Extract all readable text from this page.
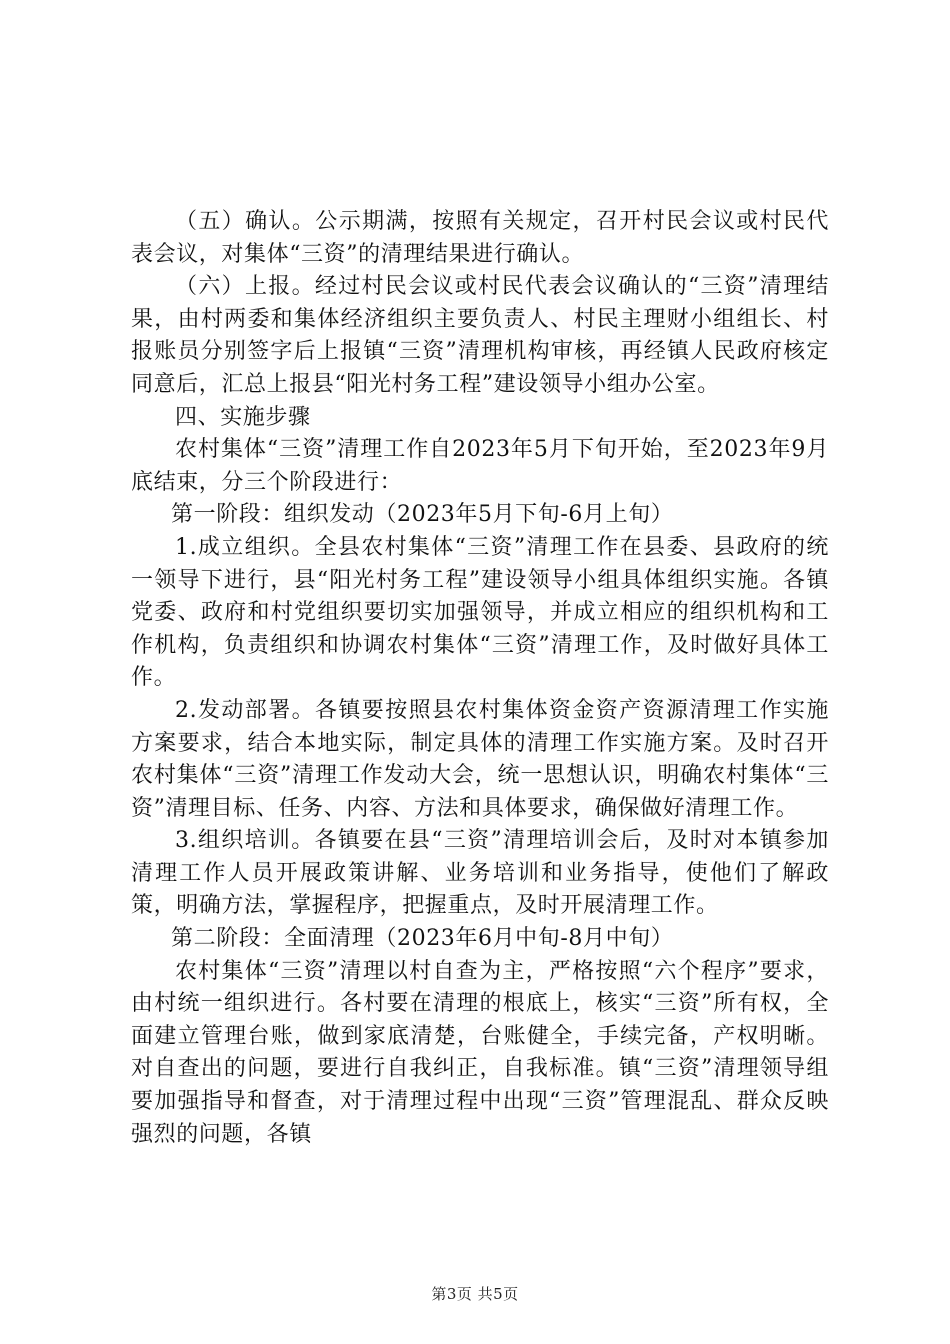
（五）确认。公示期满，按照有关规定，召开村民会议或村民代表会议，对集体“三资”的清理结果进行确认。

（六）上报。经过村民会议或村民代表会议确认的“三资”清理结果，由村两委和集体经济组织主要负责人、村民主理财小组组长、村报账员分别签字后上报镇“三资”清理机构审核，再经镇人民政府核定同意后，汇总上报县“阳光村务工程”建设领导小组办公室。

四、实施步骤

农村集体“三资”清理工作自2023年5月下旬开始，至2023年9月底结束，分三个阶段进行：

第一阶段：组织发动（2023年5月下旬-6月上旬）

1.成立组织。全县农村集体“三资”清理工作在县委、县政府的统一领导下进行，县“阳光村务工程”建设领导小组具体组织实施。各镇党委、政府和村党组织要切实加强领导，并成立相应的组织机构和工作机构，负责组织和协调农村集体“三资”清理工作，及时做好具体工作。

2.发动部署。各镇要按照县农村集体资金资产资源清理工作实施方案要求，结合本地实际，制定具体的清理工作实施方案。及时召开农村集体“三资”清理工作发动大会，统一思想认识，明确农村集体“三资”清理目标、任务、内容、方法和具体要求，确保做好清理工作。

3.组织培训。各镇要在县“三资”清理培训会后，及时对本镇参加清理工作人员开展政策讲解、业务培训和业务指导，使他们了解政策，明确方法，掌握程序，把握重点，及时开展清理工作。

第二阶段：全面清理（2023年6月中旬-8月中旬）

农村集体“三资”清理以村自查为主，严格按照“六个程序”要求，由村统一组织进行。各村要在清理的根底上，核实“三资”所有权，全面建立管理台账，做到家底清楚，台账健全，手续完备，产权明晰。对自查出的问题，要进行自我纠正，自我标准。镇“三资”清理领导组要加强指导和督查，对于清理过程中出现“三资”管理混乱、群众反映强烈的问题，各镇

第3页 共5页
